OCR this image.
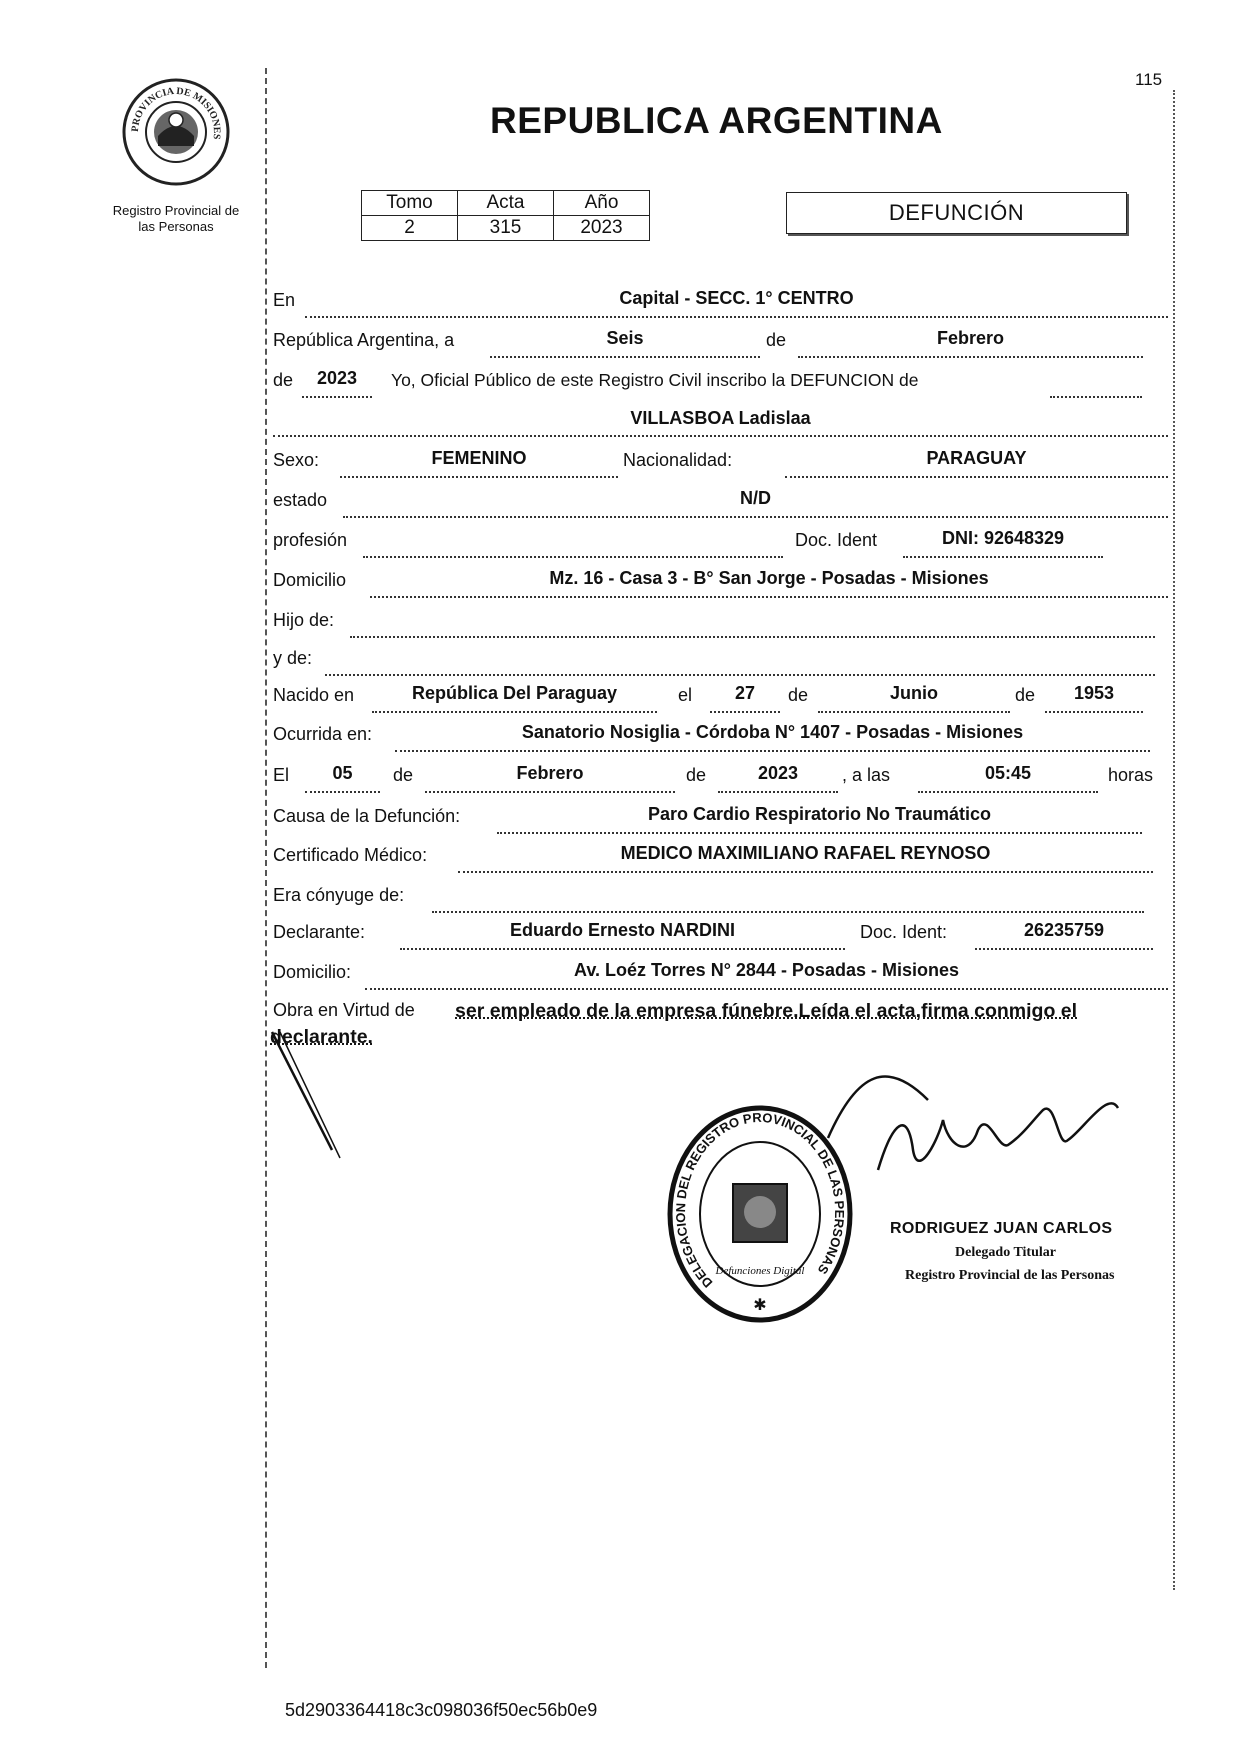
115
PROVINCIA DE MISIONES
Registro Provincial de
las Personas
REPUBLICA ARGENTINA
Tomo	Acta	Año
2	315	2023
DEFUNCIÓN
En	Capital - SECC. 1° CENTRO
República Argentina, a	Seis	de	Febrero
de	2023	Yo, Oficial Público de este Registro Civil inscribo la DEFUNCION de
VILLASBOA Ladislaa
Sexo:	FEMENINO	Nacionalidad:	PARAGUAY
estado	N/D
profesión	Doc. Ident	DNI: 92648329
Domicilio	Mz. 16 - Casa 3 - B° San Jorge - Posadas - Misiones
Hijo de:
y de:
Nacido en	República Del Paraguay	el	27	de	Junio	de	1953
Ocurrida en:	Sanatorio Nosiglia - Córdoba N° 1407 - Posadas - Misiones
El	05	de	Febrero	de	2023	, a las	05:45	horas
Causa de la Defunción:	Paro Cardio Respiratorio No Traumático
Certificado Médico:	MEDICO MAXIMILIANO RAFAEL REYNOSO
Era cónyuge de:
Declarante:	Eduardo Ernesto NARDINI	Doc. Ident:	26235759
Domicilio:	Av. Loéz Torres N° 2844 - Posadas - Misiones
Obra en Virtud de ser empleado de la empresa fúnebre.Leída el acta,firma conmigo el
declarante.
DELEGACION DEL REGISTRO PROVINCIAL DE LAS PERSONAS
Defunciones Digital
✱
RODRIGUEZ JUAN CARLOS
Delegado Titular
Registro Provincial de las Personas
5d2903364418c3c098036f50ec56b0e9
